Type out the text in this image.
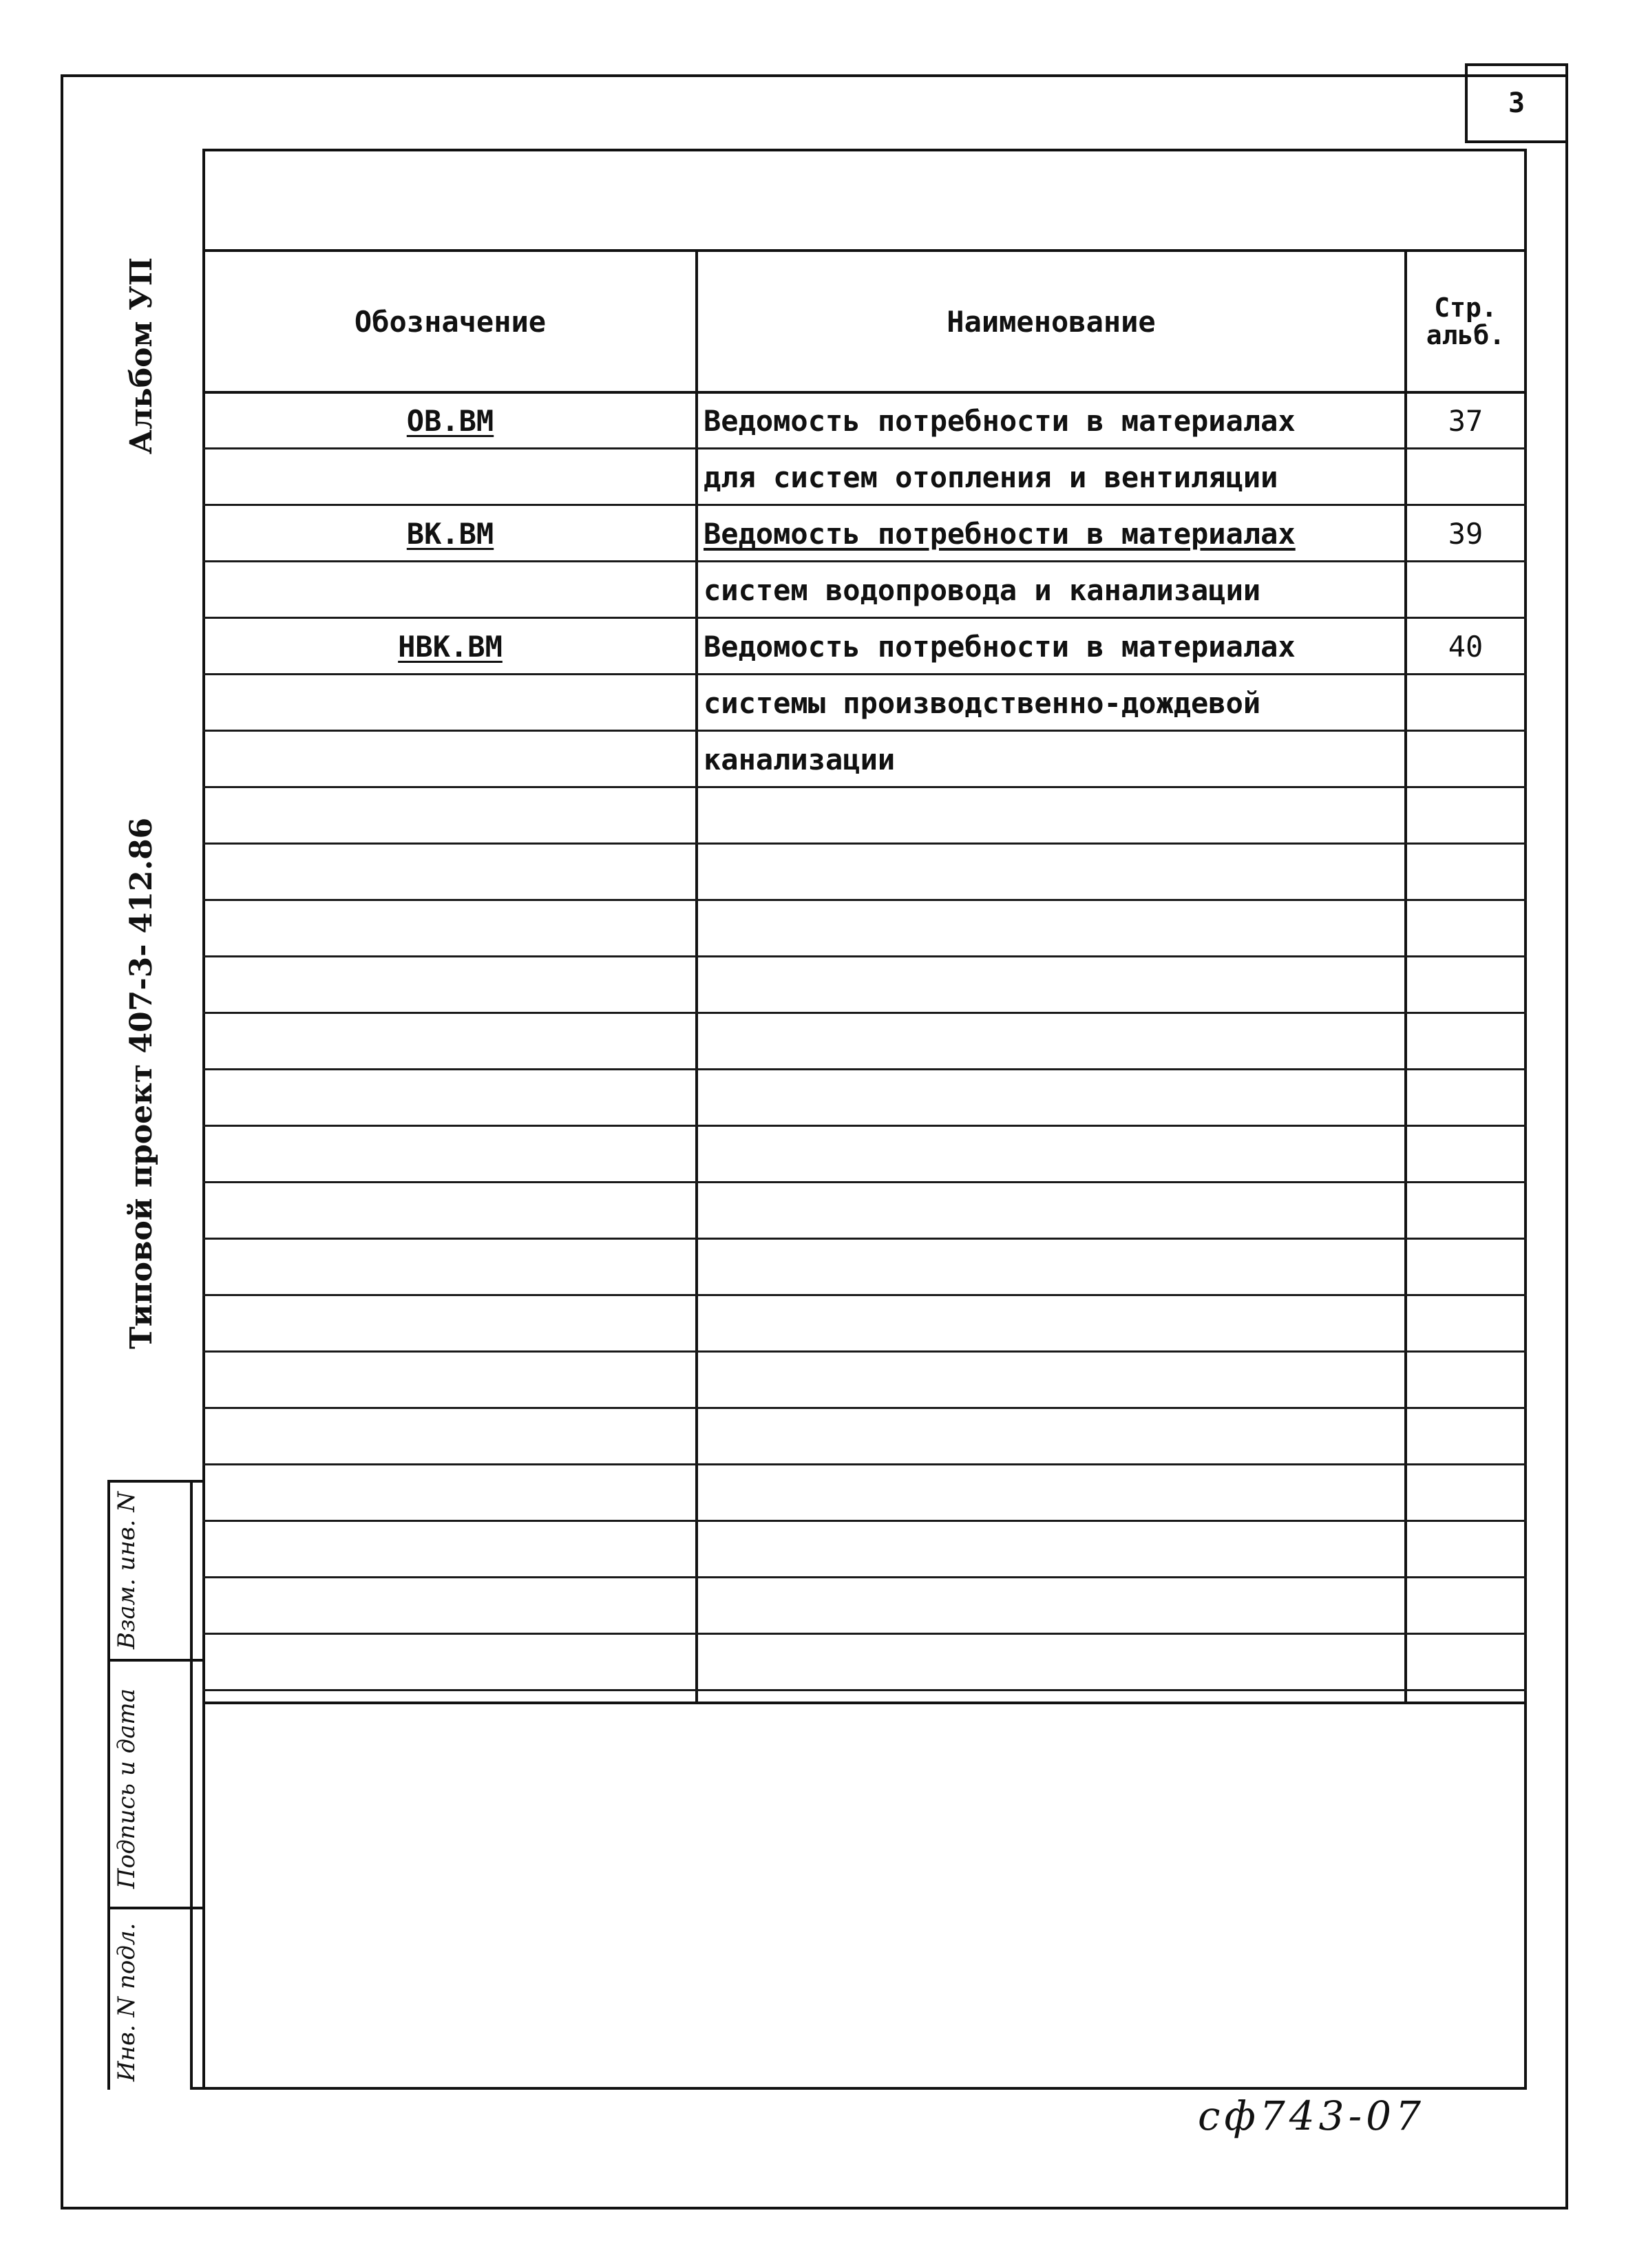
3
Обозначение	Наименование	Стр. альб.
ОВ.ВМ	Ведомость потребности в материалах	37
для систем отопления и вентиляции
ВК.ВМ	Ведомость потребности в материалах	39
систем водопровода и канализации
НВК.ВМ	Ведомость потребности в материалах	40
системы производственно-дождевой
канализации
Альбом УП
Типовой проект 407-3- 412.86
Взам. инв. N
Подпись и дата
Инв. N подл.
сф743-07
